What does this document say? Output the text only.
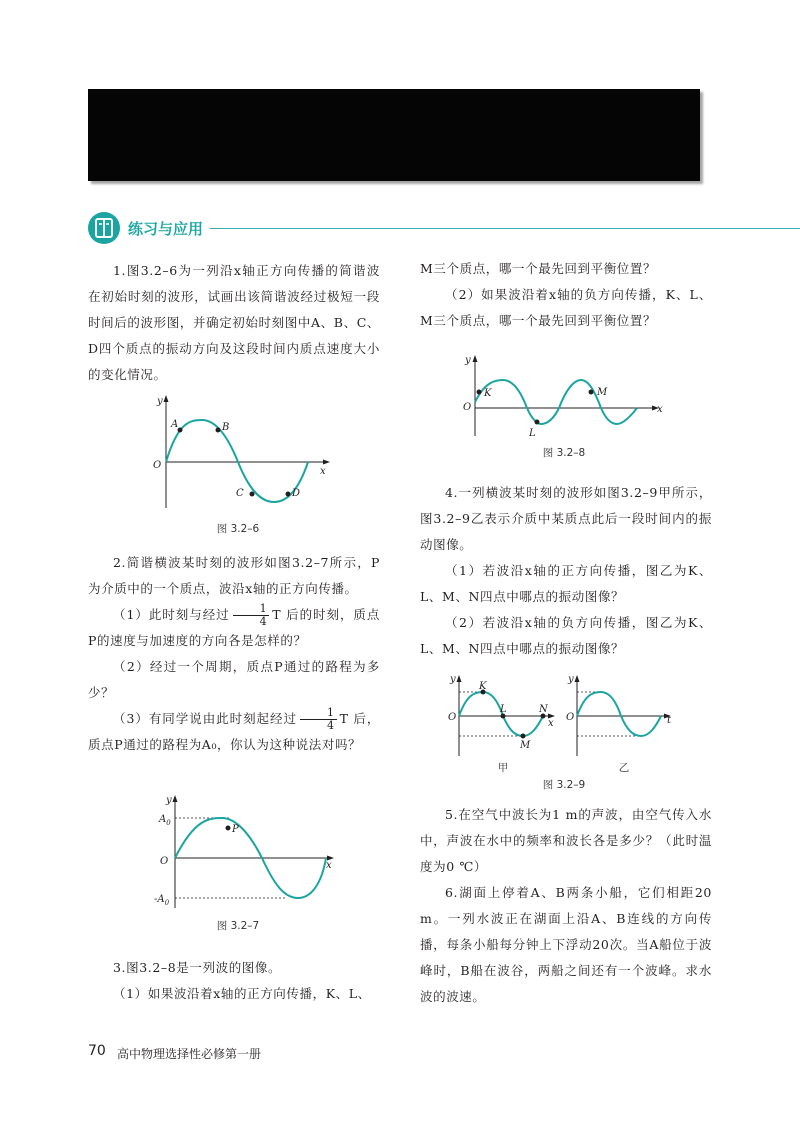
练习与应用

1.图3.2–6为一列沿x轴正方向传播的简谐波在初始时刻的波形，试画出该简谐波经过极短一段时间后的波形图，并确定初始时刻图中A、B、C、D四个质点的振动方向及这段时间内质点速度大小的变化情况。

y
x
O
A	B
C	D
图 3.2–6

2.简谐横波某时刻的波形如图3.2–7所示，P为介质中的一个质点，波沿x轴的正方向传播。

（1）此时刻与经过 $\frac{1}{4}$ T 后的时刻，质点P的速度与加速度的方向各是怎样的？

（2）经过一个周期，质点P通过的路程为多少？

（3）有同学说由此时刻起经过 $\frac{1}{4}$ T 后，质点P通过的路程为A₀，你认为这种说法对吗？

y
x
O
$A_0$
$-A_0$
P
图 3.2–7

3.图3.2–8是一列波的图像。

（1）如果波沿着x轴的正方向传播，K、L、

M三个质点，哪一个最先回到平衡位置？

（2）如果波沿着x轴的负方向传播，K、L、M三个质点，哪一个最先回到平衡位置？

y
x
O
K
L
M
图 3.2–8

4.一列横波某时刻的波形如图3.2–9甲所示，图3.2–9乙表示介质中某质点此后一段时间内的振动图像。

（1）若波沿x轴的正方向传播，图乙为K、L、M、N四点中哪点的振动图像？

（2）若波沿x轴的负方向传播，图乙为K、L、M、N四点中哪点的振动图像？

y
x
O
K
L
M
N
y
t
O
甲	乙
图 3.2–9

5.在空气中波长为1 m的声波，由空气传入水中，声波在水中的频率和波长各是多少？（此时温度为0 ℃）

6.湖面上停着A、B两条小船，它们相距20 m。一列水波正在湖面上沿A、B连线的方向传播，每条小船每分钟上下浮动20次。当A船位于波峰时，B船在波谷，两船之间还有一个波峰。求水波的波速。

70 高中物理选择性必修第一册
